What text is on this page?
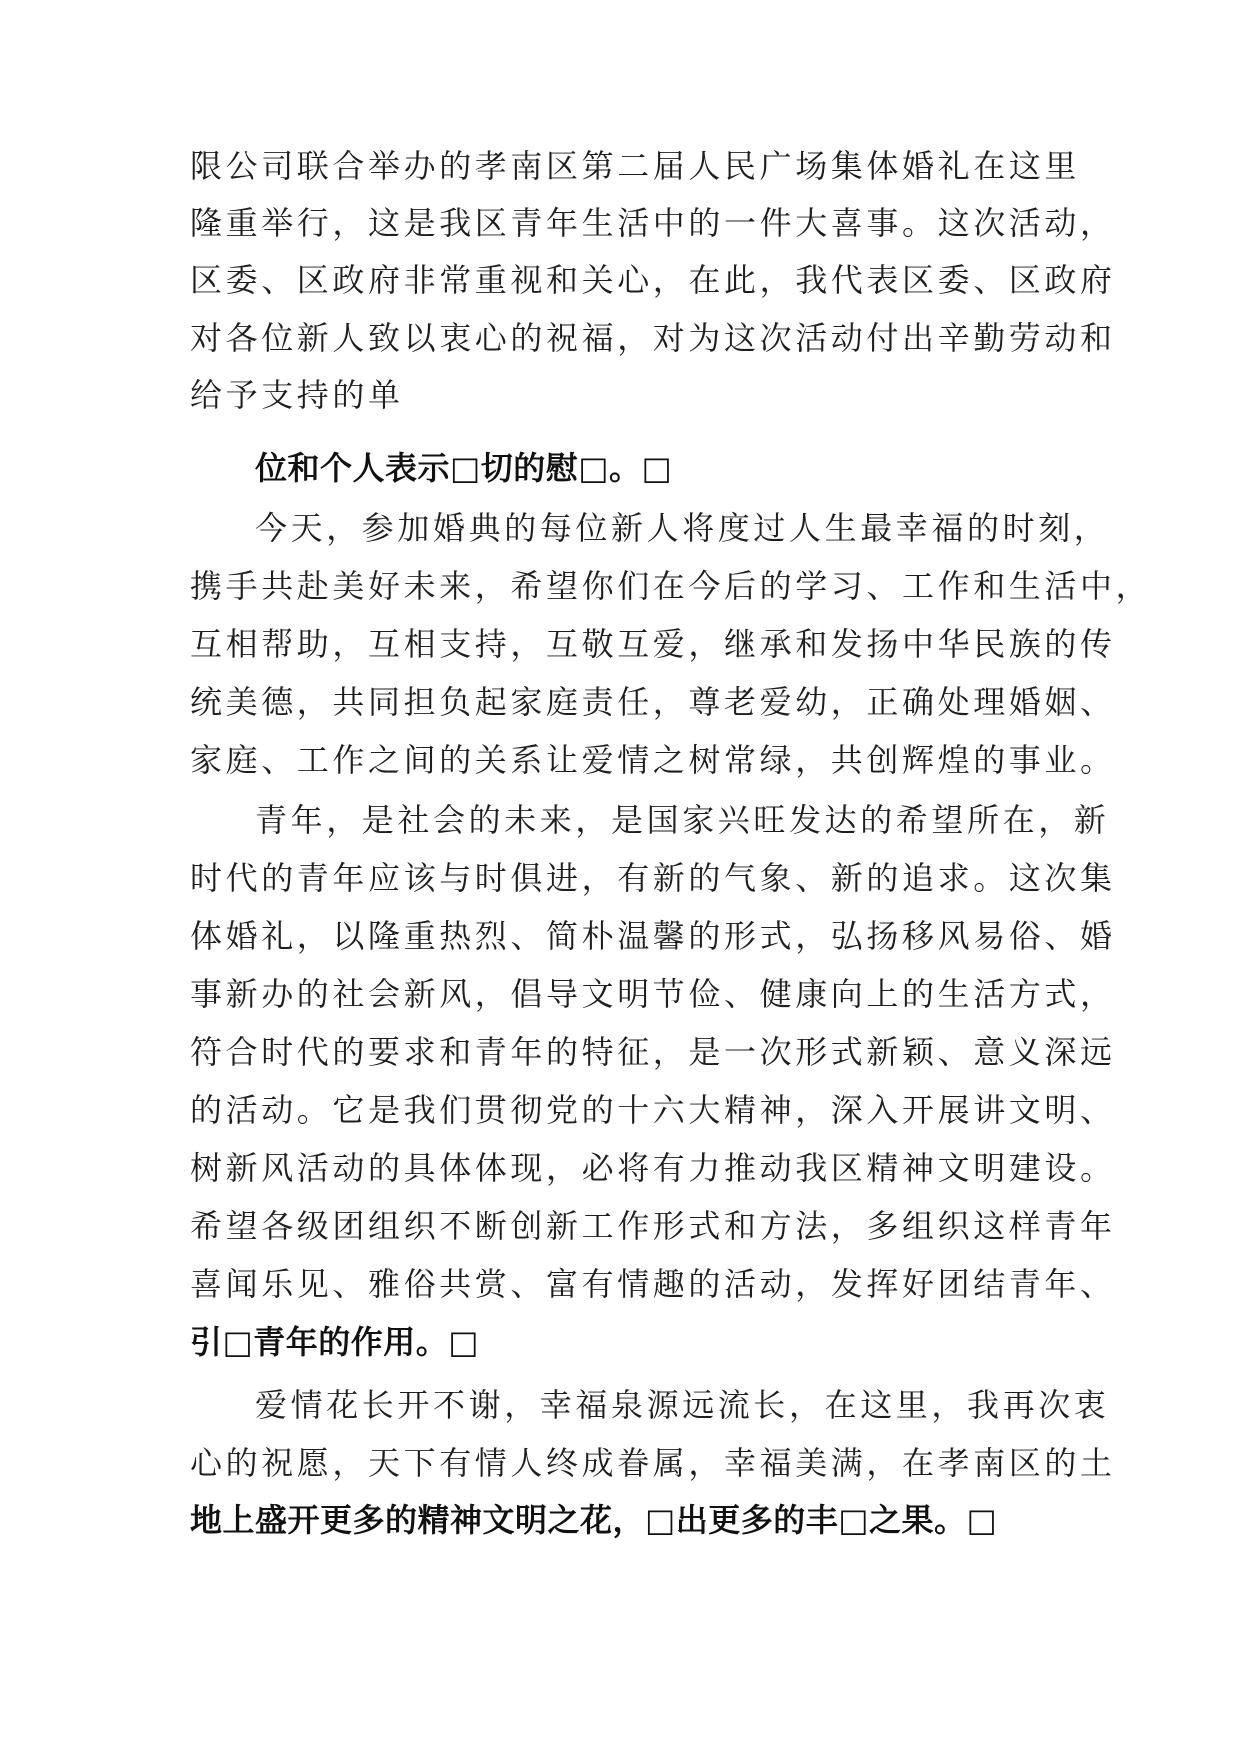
限公司联合举办的孝南区第二届人民广场集体婚礼在这里

隆重举行，这是我区青年生活中的一件大喜事。这次活动，

区委、区政府非常重视和关心，在此，我代表区委、区政府

对各位新人致以衷心的祝福，对为这次活动付出辛勤劳动和

给予支持的单

位和个人表示□切的慰□。□

今天，参加婚典的每位新人将度过人生最幸福的时刻，

携手共赴美好未来，希望你们在今后的学习、工作和生活中，

互相帮助，互相支持，互敬互爱，继承和发扬中华民族的传

统美德，共同担负起家庭责任，尊老爱幼，正确处理婚姻、

家庭、工作之间的关系让爱情之树常绿，共创辉煌的事业。

青年，是社会的未来，是国家兴旺发达的希望所在，新

时代的青年应该与时俱进，有新的气象、新的追求。这次集

体婚礼，以隆重热烈、简朴温馨的形式，弘扬移风易俗、婚

事新办的社会新风，倡导文明节俭、健康向上的生活方式，

符合时代的要求和青年的特征，是一次形式新颖、意义深远

的活动。它是我们贯彻党的十六大精神，深入开展讲文明、

树新风活动的具体体现，必将有力推动我区精神文明建设。

希望各级团组织不断创新工作形式和方法，多组织这样青年

喜闻乐见、雅俗共赏、富有情趣的活动，发挥好团结青年、

引□青年的作用。□

爱情花长开不谢，幸福泉源远流长，在这里，我再次衷

心的祝愿，天下有情人终成眷属，幸福美满，在孝南区的土

地上盛开更多的精神文明之花，□出更多的丰□之果。□
